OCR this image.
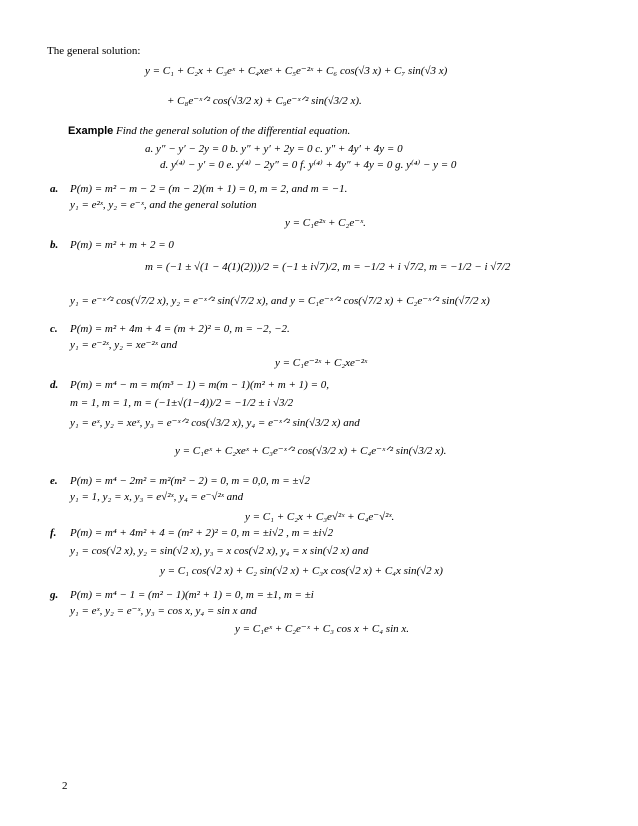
The general solution:
y = C₁ + C₂x + C₃eˣ + C₄xeˣ + C₅e⁻²ˣ + C₆ cos(√3 x) + C₇ sin(√3 x)
+ C₈e⁻ˣᐟ² cos(√3/2 x) + C₉e⁻ˣᐟ² sin(√3/2 x).
Example Find the general solution of the differential equation.
a. y″ − y′ − 2y = 0 b. y″ + y′ + 2y = 0 c. y″ + 4y′ + 4y = 0
d. y⁽⁴⁾ − y′ = 0 e. y⁽⁴⁾ − 2y″ = 0 f. y⁽⁴⁾ + 4y″ + 4y = 0 g. y⁽⁴⁾ − y = 0
a. P(m) = m² − m − 2 = (m − 2)(m + 1) = 0, m = 2, and m = −1.
y₁ = e²ˣ, y₂ = e⁻ˣ, and the general solution
y = C₁e²ˣ + C₂e⁻ˣ.
b. P(m) = m² + m + 2 = 0
m = (−1 ± √(1 − 4(1)(2)))/2 = (−1 ± i√7)/2, m = −1/2 + i √7/2, m = −1/2 − i √7/2
y₁ = e⁻ˣᐟ² cos(√7/2 x), y₂ = e⁻ˣᐟ² sin(√7/2 x), and y = C₁e⁻ˣᐟ² cos(√7/2 x) + C₂e⁻ˣᐟ² sin(√7/2 x)
c. P(m) = m² + 4m + 4 = (m + 2)² = 0, m = −2, −2.
y₁ = e⁻²ˣ, y₂ = xe⁻²ˣ and
y = C₁e⁻²ˣ + C₂xe⁻²ˣ
d. P(m) = m⁴ − m = m(m³ − 1) = m(m − 1)(m² + m + 1) = 0,
m = 1, m = 1, m = (−1±√(1−4))/2 = −1/2 ± i √3/2
y₁ = eˣ, y₂ = xeˣ, y₃ = e⁻ˣᐟ² cos(√3/2 x), y₄ = e⁻ˣᐟ² sin(√3/2 x) and
y = C₁eˣ + C₂xeˣ + C₃e⁻ˣᐟ² cos(√3/2 x) + C₄e⁻ˣᐟ² sin(√3/2 x).
e. P(m) = m⁴ − 2m² = m²(m² − 2) = 0, m = 0,0, m = ±√2
y₁ = 1, y₂ = x, y₃ = e√²ˣ, y₄ = e⁻√²ˣ and
y = C₁ + C₂x + C₃e√²ˣ + C₄e⁻√²ˣ.
f. P(m) = m⁴ + 4m² + 4 = (m² + 2)² = 0, m = ±i√2 , m = ±i√2
y₁ = cos(√2 x), y₂ = sin(√2 x), y₃ = x cos(√2 x), y₄ = x sin(√2 x) and
y = C₁ cos(√2 x) + C₂ sin(√2 x) + C₃x cos(√2 x) + C₄x sin(√2 x)
g. P(m) = m⁴ − 1 = (m² − 1)(m² + 1) = 0, m = ±1, m = ±i
y₁ = eˣ, y₂ = e⁻ˣ, y₃ = cos x, y₄ = sin x and
y = C₁eˣ + C₂e⁻ˣ + C₃ cos x + C₄ sin x.
2
